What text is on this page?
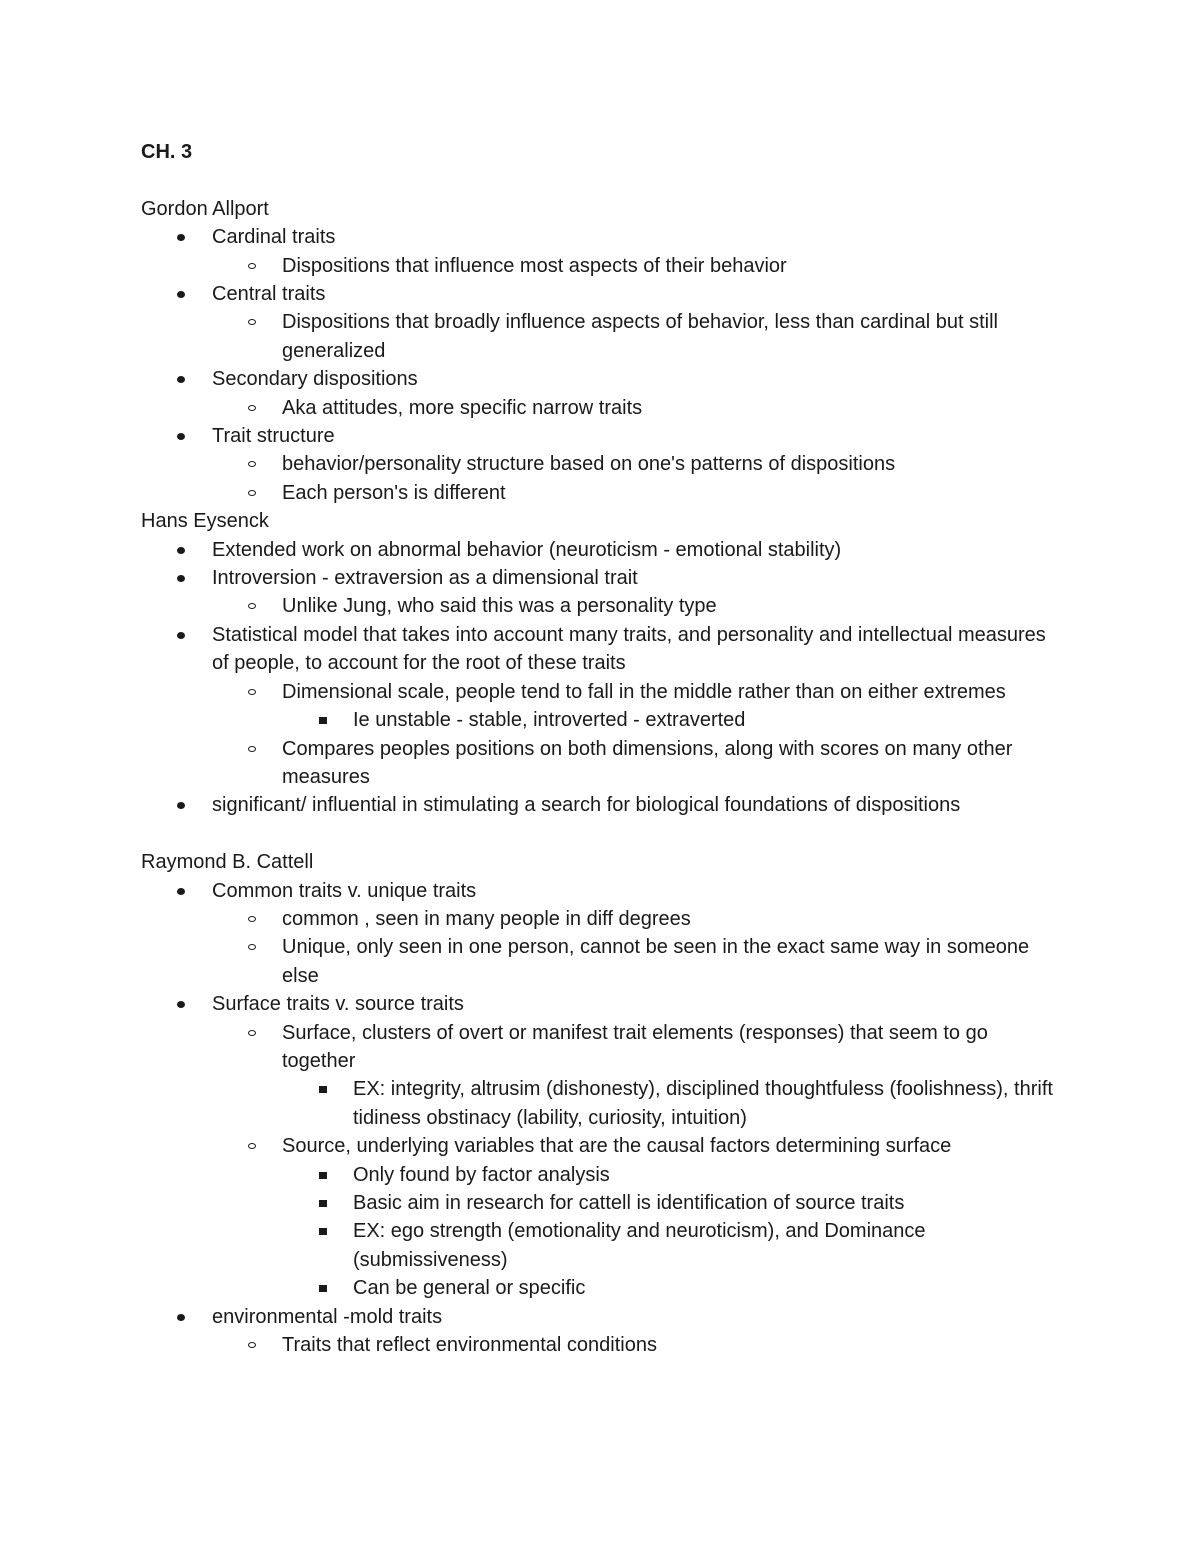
CH. 3
Gordon Allport
Cardinal traits
Dispositions that influence most aspects of their behavior
Central traits
Dispositions that broadly influence aspects of behavior, less than cardinal but still generalized
Secondary dispositions
Aka attitudes, more specific narrow traits
Trait structure
behavior/personality structure based on one's patterns of dispositions
Each person's is different
Hans Eysenck
Extended work on abnormal behavior (neuroticism - emotional stability)
Introversion - extraversion as a dimensional trait
Unlike Jung, who said this was a personality type
Statistical model that takes into account many traits, and personality and intellectual measures of people, to account for the root of these traits
Dimensional scale, people tend to fall in the middle rather than on either extremes
Ie unstable - stable, introverted - extraverted
Compares peoples positions on both dimensions, along with scores on many other measures
significant/ influential in stimulating a search for biological foundations of dispositions
Raymond B. Cattell
Common traits v. unique traits
common , seen in many people in diff degrees
Unique, only seen in one person, cannot be seen in the exact same way in someone else
Surface traits v. source traits
Surface, clusters of overt or manifest trait elements (responses) that seem to go together
EX: integrity, altrusim (dishonesty), disciplined thoughtfuless (foolishness), thrift tidiness obstinacy (lability, curiosity, intuition)
Source, underlying variables that are the causal factors determining surface
Only found by factor analysis
Basic aim in research for cattell is identification of source traits
EX: ego strength (emotionality and neuroticism), and Dominance (submissiveness)
Can be general or specific
environmental -mold traits
Traits that reflect environmental conditions
